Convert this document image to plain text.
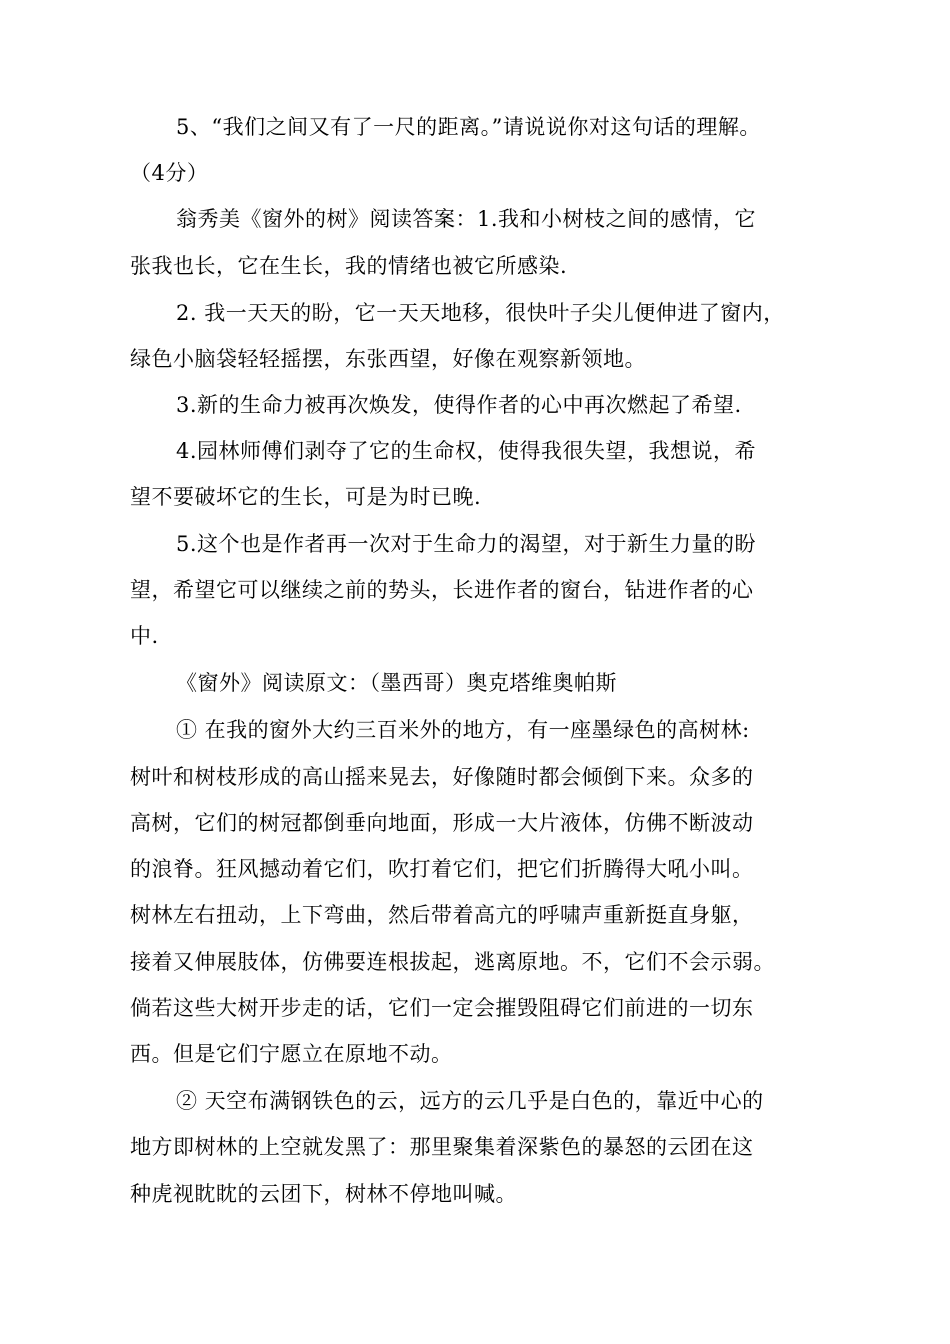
5、“我们之间又有了一尺的距离。”请说说你对这句话的理解。
（4分）
翁秀美《窗外的树》阅读答案：1.我和小树枝之间的感情，它
张我也长，它在生长，我的情绪也被它所感染.
2. 我一天天的盼，它一天天地移，很快叶子尖儿便伸进了窗内，
绿色小脑袋轻轻摇摆，东张西望，好像在观察新领地。
3.新的生命力被再次焕发，使得作者的心中再次燃起了希望.
4.园林师傅们剥夺了它的生命权，使得我很失望，我想说，希
望不要破坏它的生长，可是为时已晚.
5.这个也是作者再一次对于生命力的渴望，对于新生力量的盼
望，希望它可以继续之前的势头，长进作者的窗台，钻进作者的心
中.
《窗外》阅读原文：（墨西哥）奥克塔维奥帕斯
① 在我的窗外大约三百米外的地方，有一座墨绿色的高树林:
树叶和树枝形成的高山摇来晃去，好像随时都会倾倒下来。众多的
高树，它们的树冠都倒垂向地面，形成一大片液体，仿佛不断波动
的浪脊。狂风撼动着它们，吹打着它们，把它们折腾得大吼小叫。
树林左右扭动，上下弯曲，然后带着高亢的呼啸声重新挺直身躯，
接着又伸展肢体，仿佛要连根拔起，逃离原地。不，它们不会示弱。
倘若这些大树开步走的话，它们一定会摧毁阻碍它们前进的一切东
西。但是它们宁愿立在原地不动。
② 天空布满钢铁色的云，远方的云几乎是白色的，靠近中心的
地方即树林的上空就发黑了：那里聚集着深紫色的暴怒的云团在这
种虎视眈眈的云团下，树林不停地叫喊。
